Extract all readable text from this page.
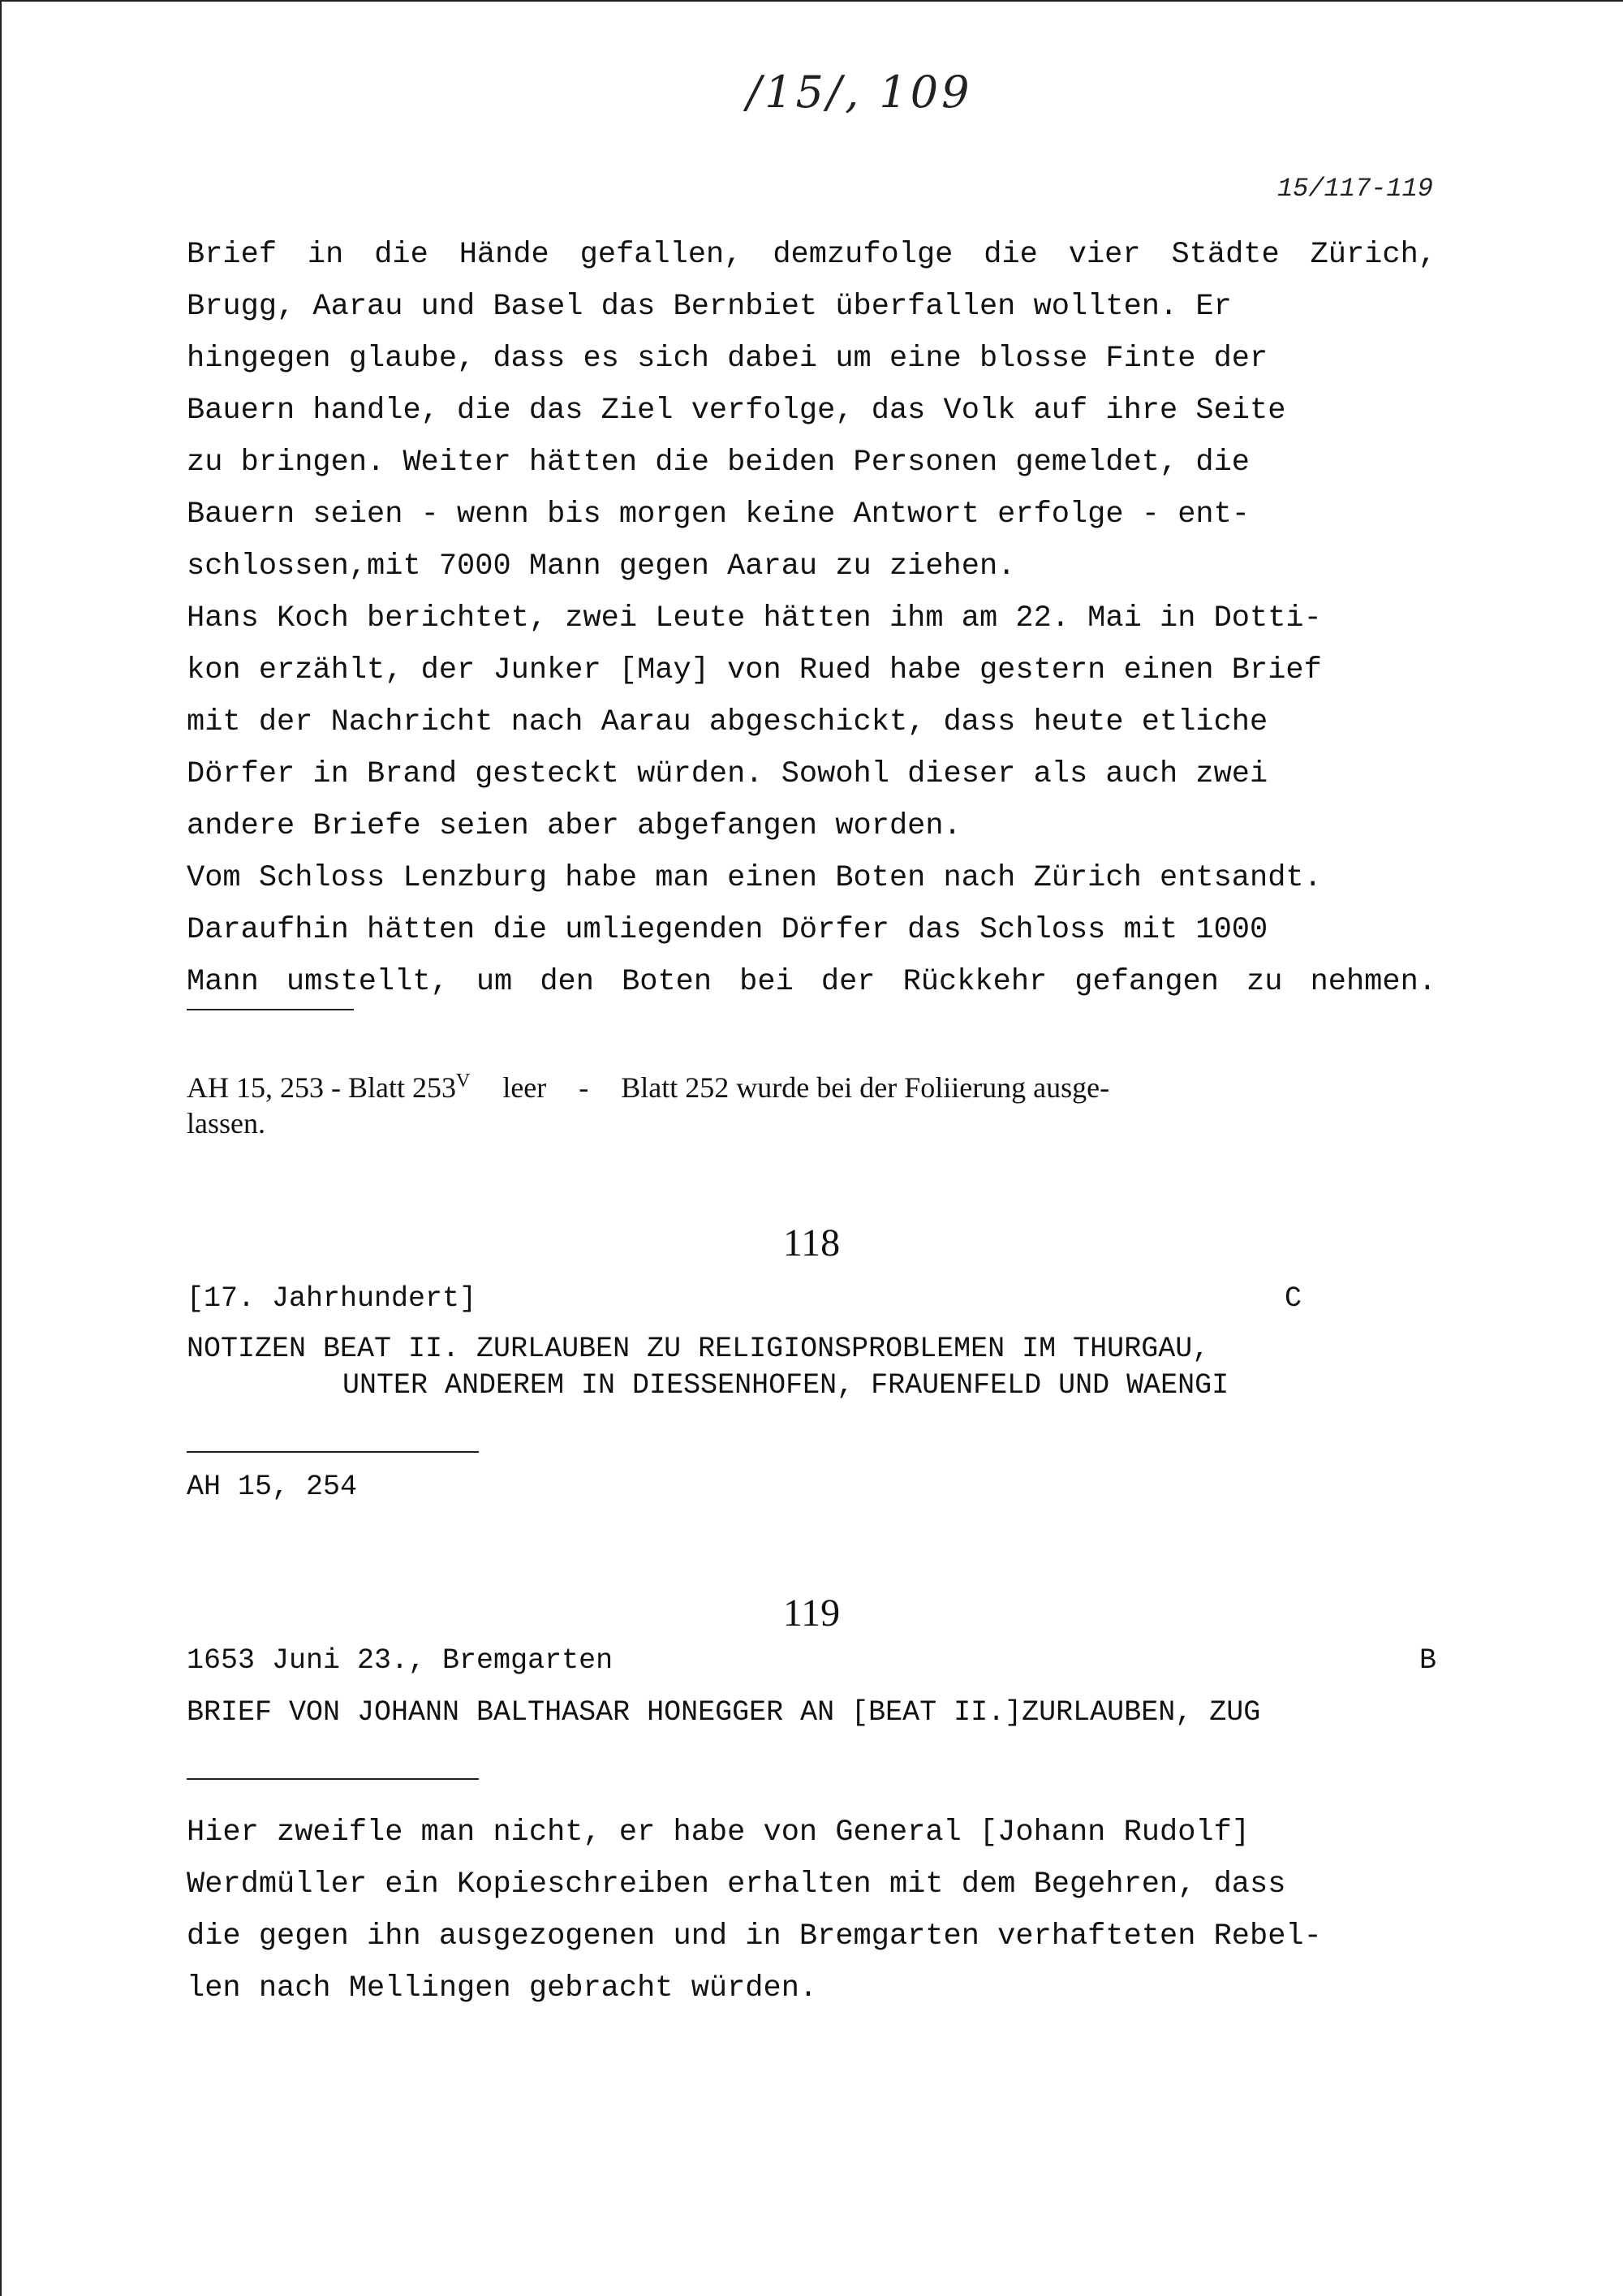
/15/, 109
15/117-119
Brief in die Hände gefallen, demzufolge die vier Städte Zürich,
Brugg, Aarau und Basel das Bernbiet überfallen wollten. Er
hingegen glaube, dass es sich dabei um eine blosse Finte der
Bauern handle, die das Ziel verfolge, das Volk auf ihre Seite
zu bringen. Weiter hätten die beiden Personen gemeldet, die
Bauern seien - wenn bis morgen keine Antwort erfolge - ent-
schlossen,mit 7000 Mann gegen Aarau zu ziehen.
Hans Koch berichtet, zwei Leute hätten ihm am 22. Mai in Dotti-
kon erzählt, der Junker [May] von Rued habe gestern einen Brief
mit der Nachricht nach Aarau abgeschickt, dass heute etliche
Dörfer in Brand gesteckt würden. Sowohl dieser als auch zwei
andere Briefe seien aber abgefangen worden.
Vom Schloss Lenzburg habe man einen Boten nach Zürich entsandt.
Daraufhin hätten die umliegenden Dörfer das Schloss mit 1000
Mann umstellt, um den Boten bei der Rückkehr gefangen zu nehmen.
AH 15, 253 - Blatt $253^V$ leer - Blatt 252 wurde bei der Foliierung ausge-
lassen.
118
[17. Jahrhundert]	C
NOTIZEN BEAT II. ZURLAUBEN ZU RELIGIONSPROBLEMEN IM THURGAU,
UNTER ANDEREM IN DIESSENHOFEN, FRAUENFELD UND WAENGI
AH 15, 254
119
1653 Juni 23., Bremgarten	B
BRIEF VON JOHANN BALTHASAR HONEGGER AN [BEAT II.]ZURLAUBEN, ZUG
Hier zweifle man nicht, er habe von General [Johann Rudolf]
Werdmüller ein Kopieschreiben erhalten mit dem Begehren, dass
die gegen ihn ausgezogenen und in Bremgarten verhafteten Rebel-
len nach Mellingen gebracht würden.
